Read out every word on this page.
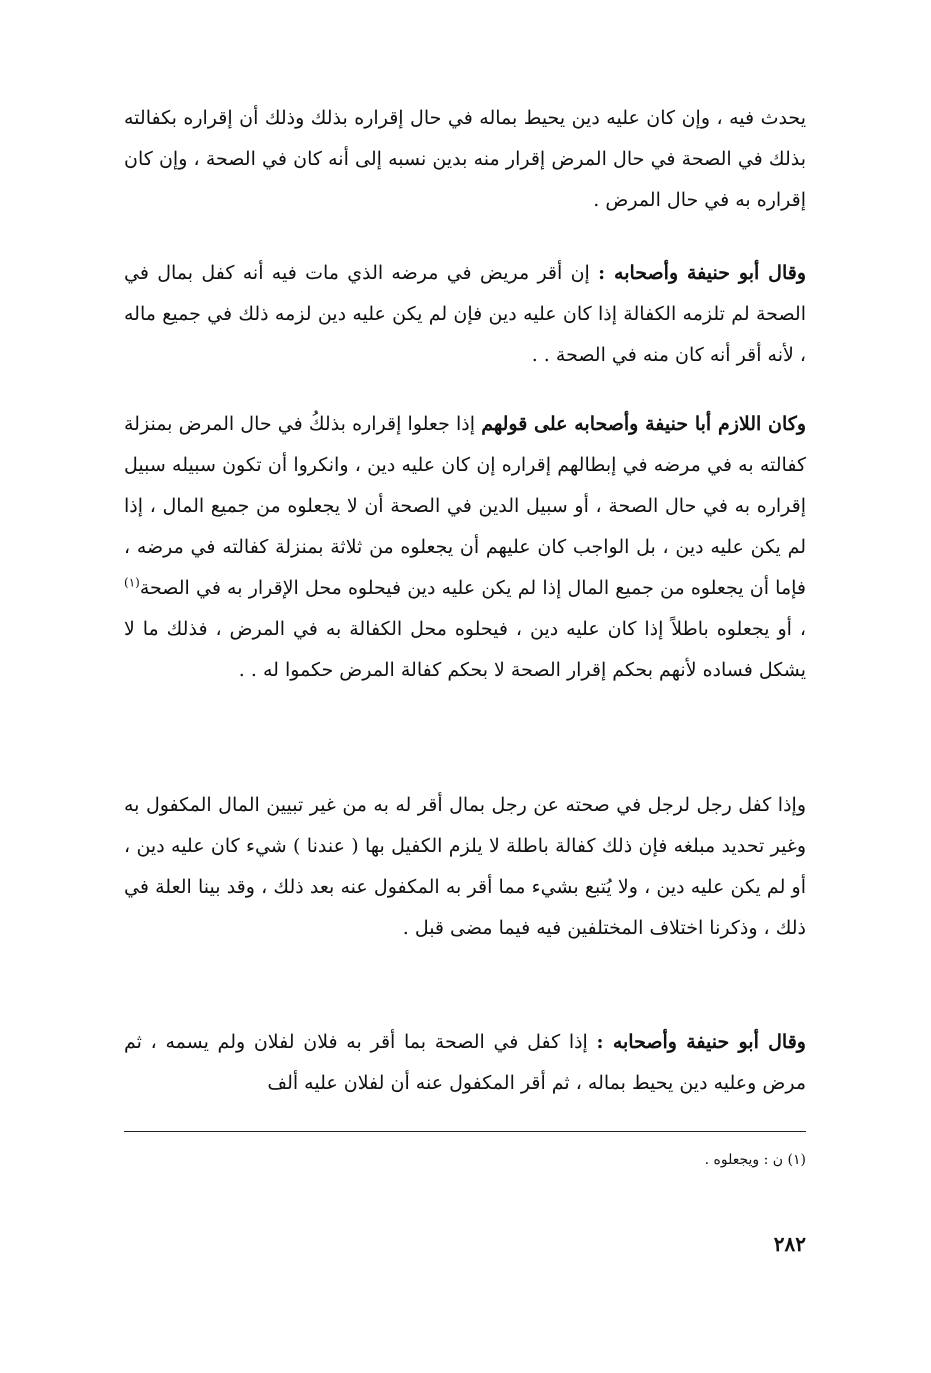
يحدث فيه ، وإن كان عليه دين يحيط بماله في حال إقراره بذلك وذلك أن إقراره بكفالته بذلك في الصحة في حال المرض إقرار منه بدين نسبه إلى أنه كان في الصحة ، وإن كان إقراره به في حال المرض .

وقال أبو حنيفة وأصحابه : إن أقر مريض في مرضه الذي مات فيه أنه كفل بمال في الصحة لم تلزمه الكفالة إذا كان عليه دين فإن لم يكن عليه دين لزمه ذلك في جميع ماله ، لأنه أقر أنه كان منه في الصحة . .

وكان اللازم أبا حنيفة وأصحابه على قولهم إذا جعلوا إقراره بذلكُ في حال المرض بمنزلة كفالته به في مرضه في إبطالهم إقراره إن كان عليه دين ، وانكروا أن تكون سبيله سبيل إقراره به في حال الصحة ، أو سبيل الدين في الصحة أن لا يجعلوه من جميع المال ، إذا لم يكن عليه دين ، بل الواجب كان عليهم أن يجعلوه من ثلاثة بمنزلة كفالته في مرضه ، فإما أن يجعلوه من جميع المال إذا لم يكن عليه دين فيحلوه محل الإقرار به في الصحة$^{(١)}$ ، أو يجعلوه باطلاً إذا كان عليه دين ، فيحلوه محل الكفالة به في المرض ، فذلك ما لا يشكل فساده لأنهم بحكم إقرار الصحة لا بحكم كفالة المرض حكموا له . .

وإذا كفل رجل لرجل في صحته عن رجل بمال أقر له به من غير تبيين المال المكفول به وغير تحديد مبلغه فإن ذلك كفالة باطلة لا يلزم الكفيل بها ( عندنا ) شيء كان عليه دين ، أو لم يكن عليه دين ، ولا يُتبع بشيء مما أقر به المكفول عنه بعد ذلك ، وقد بينا العلة في ذلك ، وذكرنا اختلاف المختلفين فيه فيما مضى قبل .

وقال أبو حنيفة وأصحابه : إذا كفل في الصحة بما أقر به فلان لفلان ولم يسمه ، ثم مرض وعليه دين يحيط بماله ، ثم أقر المكفول عنه أن لفلان عليه ألف

(١) ن : ويجعلوه .
٢٨٢
